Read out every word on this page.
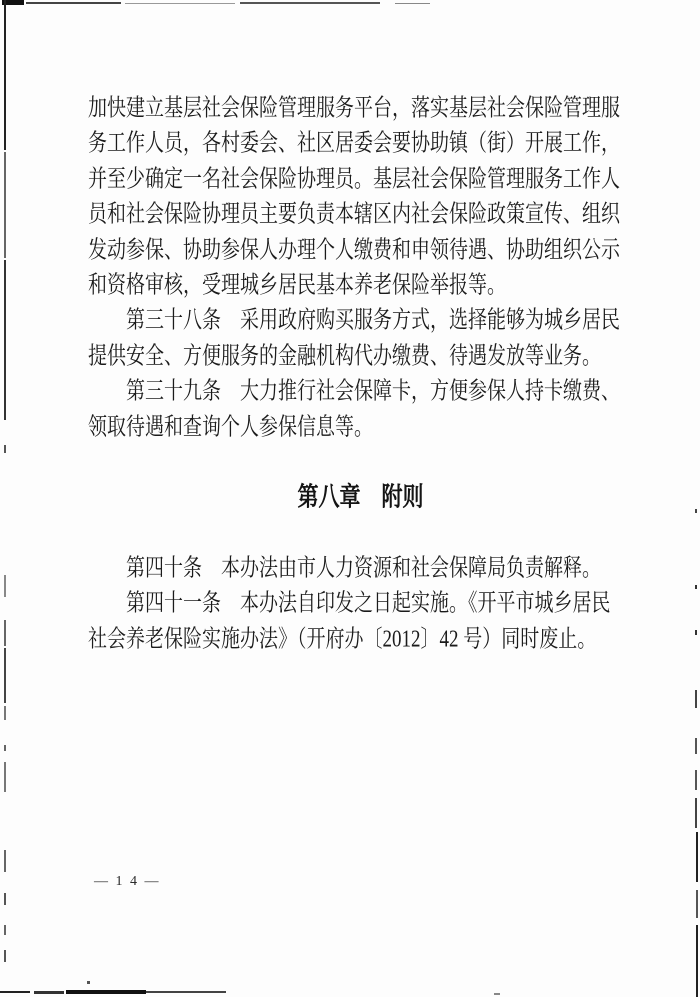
加快建立基层社会保险管理服务平台，落实基层社会保险管理服
务工作人员，各村委会、社区居委会要协助镇（街）开展工作，
并至少确定一名社会保险协理员。基层社会保险管理服务工作人
员和社会保险协理员主要负责本辖区内社会保险政策宣传、组织
发动参保、协助参保人办理个人缴费和申领待遇、协助组织公示
和资格审核，受理城乡居民基本养老保险举报等。
　　第三十八条　采用政府购买服务方式，选择能够为城乡居民
提供安全、方便服务的金融机构代办缴费、待遇发放等业务。
　　第三十九条　大力推行社会保障卡，方便参保人持卡缴费、
领取待遇和查询个人参保信息等。
第八章　附则
　　第四十条　本办法由市人力资源和社会保障局负责解释。
　　第四十一条　本办法自印发之日起实施。《开平市城乡居民
社会养老保险实施办法》（开府办〔2012〕42 号）同时废止。
— 1 4 —
